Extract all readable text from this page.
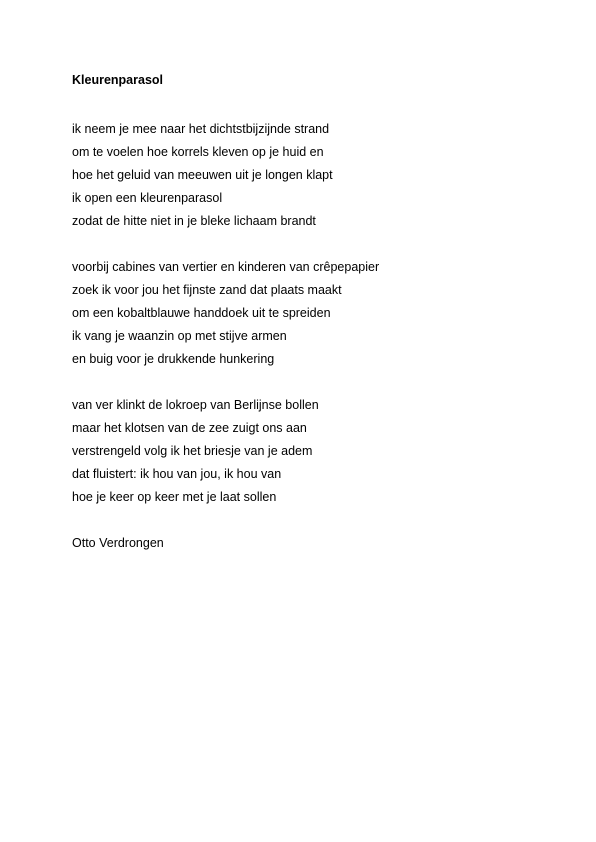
Kleurenparasol
ik neem je mee naar het dichtstbijzijnde strand
om te voelen hoe korrels kleven op je huid en
hoe het geluid van meeuwen uit je longen klapt
ik open een kleurenparasol
zodat de hitte niet in je bleke lichaam brandt
voorbij cabines van vertier en kinderen van crêpepapier
zoek ik voor jou het fijnste zand dat plaats maakt
om een kobaltblauwe handdoek uit te spreiden
ik vang je waanzin op met stijve armen
en buig voor je drukkende hunkering
van ver klinkt de lokroep van Berlijnse bollen
maar het klotsen van de zee zuigt ons aan
verstrengeld volg ik het briesje van je adem
dat fluistert: ik hou van jou, ik hou van
hoe je keer op keer met je laat sollen
Otto Verdrongen
